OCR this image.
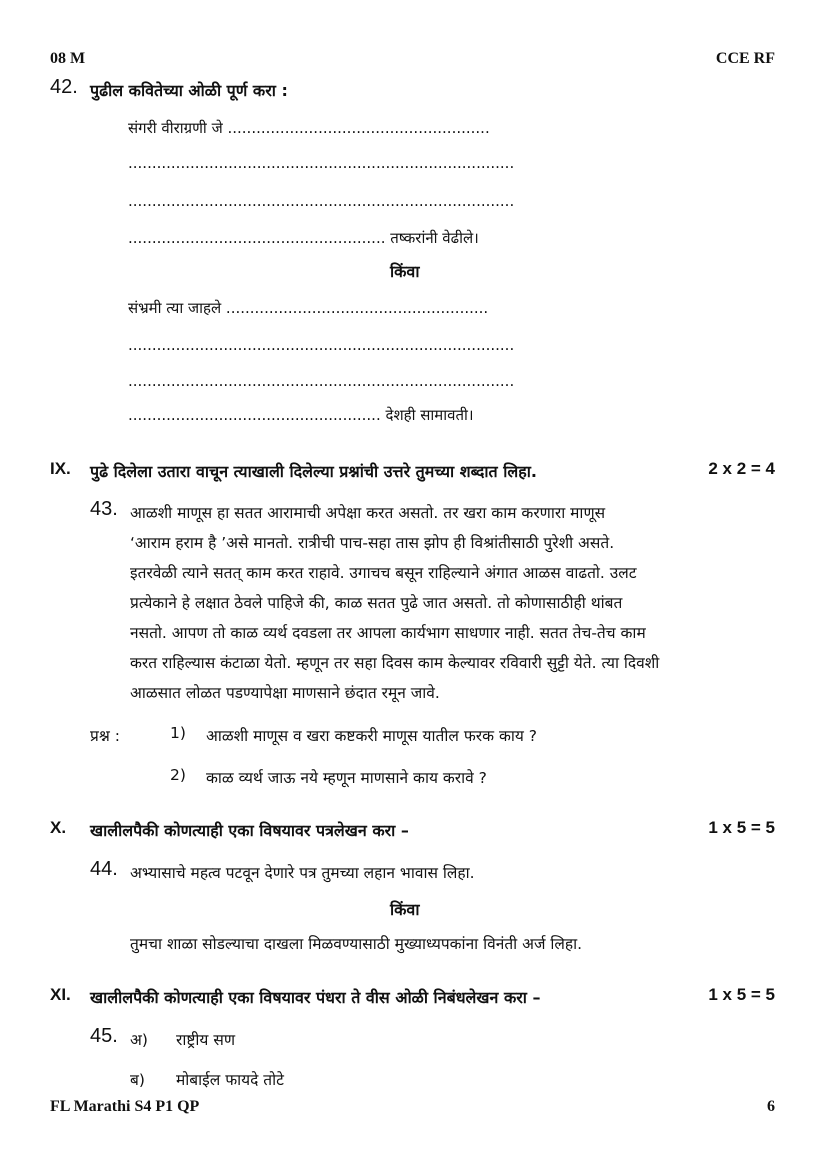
08 M	CCE RF
42. पुढील कवितेच्या ओळी पूर्ण करा :
संगरी वीराग्रणी जे .......................................................
.................................................................................
.................................................................................
...................................................... तष्करांनी वेढीले।
किंवा
संभ्रमी त्या जाहले .......................................................
.................................................................................
.................................................................................
..................................................... देशही सामावती।
IX. पुढे दिलेला उतारा वाचून त्याखाली दिलेल्या प्रश्नांची उत्तरे तुमच्या शब्दात लिहा.	2 x 2 = 4
43. आळशी माणूस हा सतत आरामाची अपेक्षा करत असतो. तर खरा काम करणारा माणूस
‘आराम हराम है ’असे मानतो. रात्रीची पाच-सहा तास झोप ही विश्रांतीसाठी पुरेशी असते.
इतरवेळी त्याने सतत् काम करत राहावे. उगाचच बसून राहिल्याने अंगात आळस वाढतो. उलट
प्रत्येकाने हे लक्षात ठेवले पाहिजे की, काळ सतत पुढे जात असतो. तो कोणासाठीही थांबत
नसतो. आपण तो काळ व्यर्थ दवडला तर आपला कार्यभाग साधणार नाही. सतत तेच-तेच काम
करत राहिल्यास कंटाळा येतो. म्हणून तर सहा दिवस काम केल्यावर रविवारी सुट्टी येते. त्या दिवशी
आळसात लोळत पडण्यापेक्षा माणसाने छंदात रमून जावे.
प्रश्न :	1) आळशी माणूस व खरा कष्टकरी माणूस यातील फरक काय ?
2) काळ व्यर्थ जाऊ नये म्हणून माणसाने काय करावे ?
X. खालीलपैकी कोणत्याही एका विषयावर पत्रलेखन करा –	1 x 5 = 5
44. अभ्यासाचे महत्व पटवून देणारे पत्र तुमच्या लहान भावास लिहा.
किंवा
तुमचा शाळा सोडल्याचा दाखला मिळवण्यासाठी मुख्याध्यपकांना विनंती अर्ज लिहा.
XI. खालीलपैकी कोणत्याही एका विषयावर पंधरा ते वीस ओळी निबंधलेखन करा –	1 x 5 = 5
45. अ) राष्ट्रीय सण
ब) मोबाईल फायदे तोटे
FL Marathi S4 P1 QP	6
